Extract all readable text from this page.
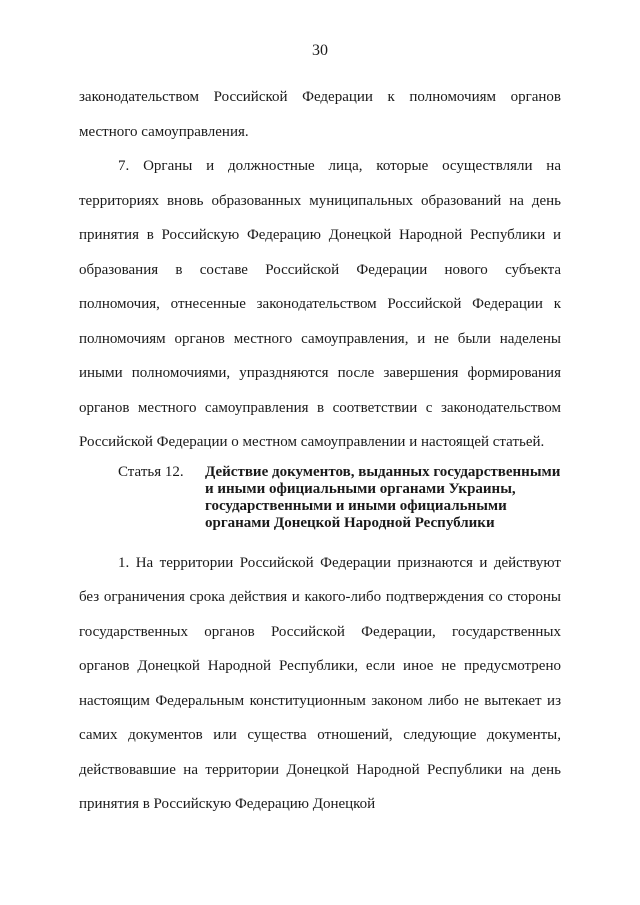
30

законодательством Российской Федерации к полномочиям органов местного самоуправления.

7. Органы и должностные лица, которые осуществляли на территориях вновь образованных муниципальных образований на день принятия в Российскую Федерацию Донецкой Народной Республики и образования в составе Российской Федерации нового субъекта полномочия, отнесенные законодательством Российской Федерации к полномочиям органов местного самоуправления, и не были наделены иными полномочиями, упраздняются после завершения формирования органов местного самоуправления в соответствии с законодательством Российской Федерации о местном самоуправлении и настоящей статьей.

Статья 12.	Действие документов, выданных государственными и иными официальными органами Украины, государственными и иными официальными органами Донецкой Народной Республики

1. На территории Российской Федерации признаются и действуют без ограничения срока действия и какого-либо подтверждения со стороны государственных органов Российской Федерации, государственных органов Донецкой Народной Республики, если иное не предусмотрено настоящим Федеральным конституционным законом либо не вытекает из самих документов или существа отношений, следующие документы, действовавшие на территории Донецкой Народной Республики на день принятия в Российскую Федерацию Донецкой
